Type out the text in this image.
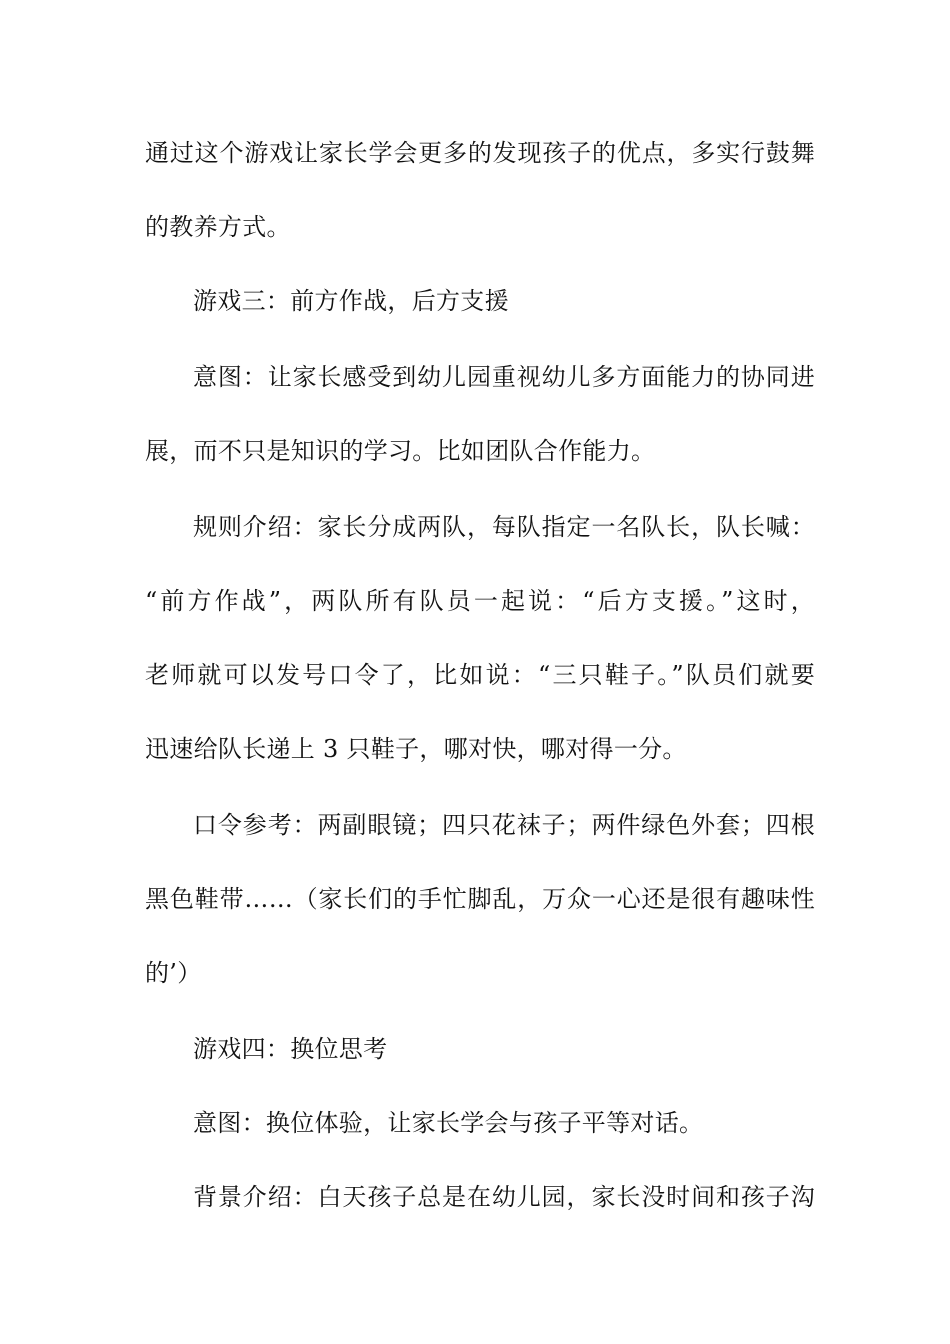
通过这个游戏让家长学会更多的发现孩子的优点，多实行鼓舞
的教养方式。
游戏三：前方作战，后方支援
意图：让家长感受到幼儿园重视幼儿多方面能力的协同进
展，而不只是知识的学习。比如团队合作能力。
规则介绍：家长分成两队，每队指定一名队长，队长喊：
“前方作战”，两队所有队员一起说：“后方支援。”这时，
老师就可以发号口令了，比如说：“三只鞋子。”队员们就要
迅速给队长递上 3 只鞋子，哪对快，哪对得一分。
口令参考：两副眼镜；四只花袜子；两件绿色外套；四根
黑色鞋带……（家长们的手忙脚乱，万众一心还是很有趣味性
的’）
游戏四：换位思考
意图：换位体验，让家长学会与孩子平等对话。
背景介绍：白天孩子总是在幼儿园，家长没时间和孩子沟
